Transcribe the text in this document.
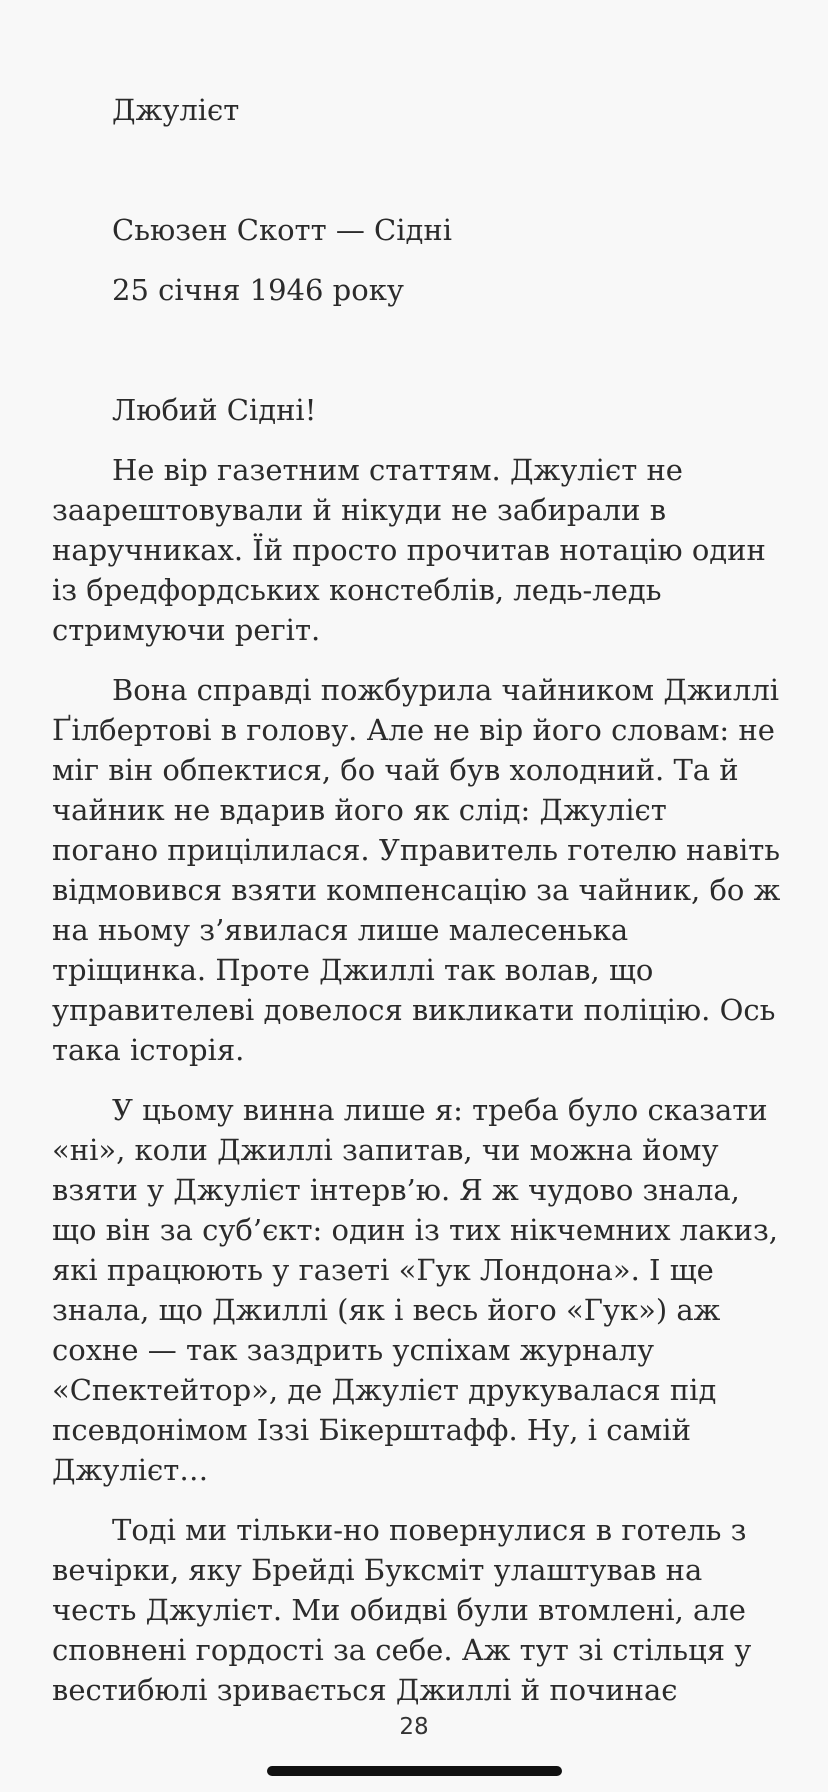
Джулієт

Сьюзен Скотт — Сідні

25 січня 1946 року

Любий Сідні!

Не вір газетним статтям. Джулієт не заарештовували й нікуди не забирали в наручниках. Їй просто прочитав нотацію один із бредфордських констеблів, ледь-ледь стримуючи регіт.

Вона справді пожбурила чайником Джиллі Ґілбертові в голову. Але не вір його словам: не міг він обпектися, бо чай був холодний. Та й чайник не вдарив його як слід: Джулієт погано прицілилася. Управитель готелю навіть відмовився взяти компенсацію за чайник, бо ж на ньому з’явилася лише малесенька тріщинка. Проте Джиллі так волав, що управителеві довелося викликати поліцію. Ось така історія.

У цьому винна лише я: треба було сказати «ні», коли Джиллі запитав, чи можна йому взяти у Джулієт інтерв’ю. Я ж чудово знала, що він за суб’єкт: один із тих нікчемних лакиз, які працюють у газеті «Гук Лондона». І ще знала, що Джиллі (як і весь його «Гук») аж сохне — так заздрить успіхам журналу «Спектейтор», де Джулієт друкувалася під псевдонімом Іззі Бікерштафф. Ну, і самій Джулієт…

Тоді ми тільки-но повернулися в готель з вечірки, яку Брейді Буксміт улаштував на честь Джулієт. Ми обидві були втомлені, але сповнені гордості за себе. Аж тут зі стільця у вестибюлі зривається Джиллі й починає

28
